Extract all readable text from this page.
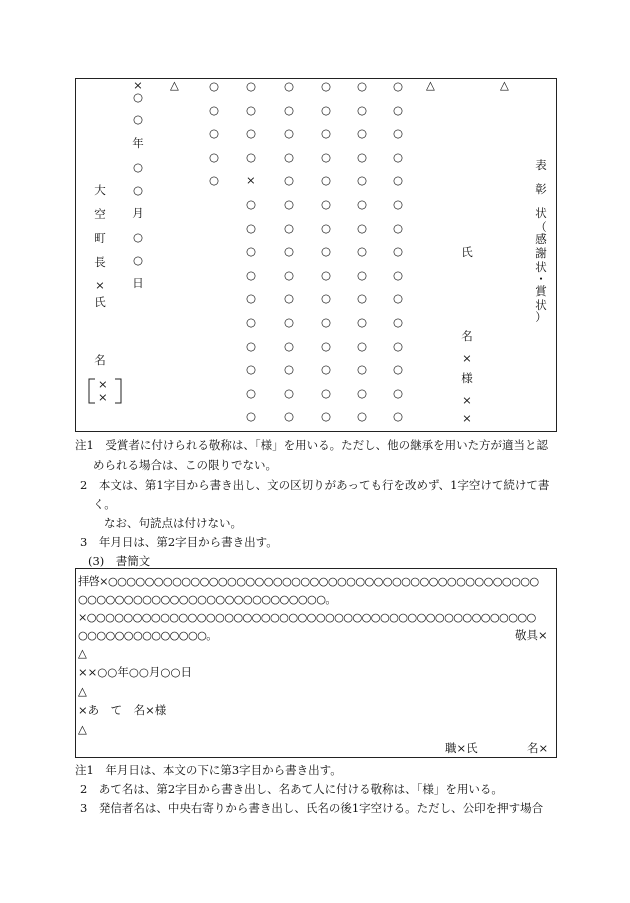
表
彰
状
（
感
謝
状
・
賞
状
）
△
△
△
氏
名
×
様
×
×
○
○
○
○
○
○
○
○
○
○
○
○
○
○
○
○
○
○
○
○
○
○
○
○
○
○
○
○
○
○
○
○
○
○
○
○
○
○
○
○
○
○
○
○
○
○
○
○
○
○
○
○
○
○
○
○
○
○
○
○
○
○
○
○
×
○
○
○
○
○
○
○
○
○
○
○
○
○
○
○
×
○
○
年
○
○
月
○
○
日
大
空
町
長
×
氏
名
×
×
注1　受賞者に付けられる敬称は、「様」を用いる。ただし、他の継承を用いた方が適当と認
められる場合は、この限りでない。
2　本文は、第1字目から書き出し、文の区切りがあっても行を改めず、1字空けて続けて書
く。
なお、句読点は付けない。
3　年月日は、第2字目から書き出す。
(3)　書簡文
拝啓×○○○○○○○○○○○○○○○○○○○○○○○○○○○○○○○○○○○○○○○○○○○○○○○
○○○○○○○○○○○○○○○○○○○○○○○○○○○。
×○○○○○○○○○○○○○○○○○○○○○○○○○○○○○○○○○○○○○○○○○○○○○○○○○
○○○○○○○○○○○○○○。	敬具×
△
××○○年○○月○○日
△
×あ　て　名×様
△
職×氏	名×
注1　年月日は、本文の下に第3字目から書き出す。
2　あて名は、第2字目から書き出し、名あて人に付ける敬称は、「様」を用いる。
3　発信者名は、中央右寄りから書き出し、氏名の後1字空ける。ただし、公印を押す場合
